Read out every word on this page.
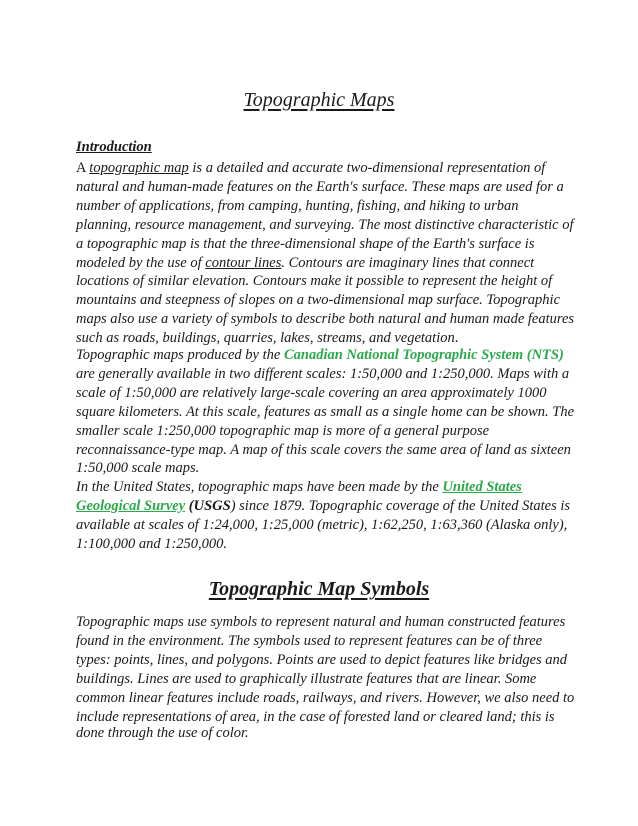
Topographic Maps
Introduction

A topographic map is a detailed and accurate two-dimensional representation of natural and human-made features on the Earth's surface. These maps are used for a number of applications, from camping, hunting, fishing, and hiking to urban planning, resource management, and surveying. The most distinctive characteristic of a topographic map is that the three-dimensional shape of the Earth's surface is modeled by the use of contour lines. Contours are imaginary lines that connect locations of similar elevation. Contours make it possible to represent the height of mountains and steepness of slopes on a two-dimensional map surface. Topographic maps also use a variety of symbols to describe both natural and human made features such as roads, buildings, quarries, lakes, streams, and vegetation.

Topographic maps produced by the Canadian National Topographic System (NTS) are generally available in two different scales: 1:50,000 and 1:250,000. Maps with a scale of 1:50,000 are relatively large-scale covering an area approximately 1000 square kilometers. At this scale, features as small as a single home can be shown. The smaller scale 1:250,000 topographic map is more of a general purpose reconnaissance-type map. A map of this scale covers the same area of land as sixteen 1:50,000 scale maps.

In the United States, topographic maps have been made by the United States Geological Survey (USGS) since 1879. Topographic coverage of the United States is available at scales of 1:24,000, 1:25,000 (metric), 1:62,250, 1:63,360 (Alaska only), 1:100,000 and 1:250,000.

Topographic Map Symbols

Topographic maps use symbols to represent natural and human constructed features found in the environment. The symbols used to represent features can be of three types: points, lines, and polygons. Points are used to depict features like bridges and buildings. Lines are used to graphically illustrate features that are linear. Some common linear features include roads, railways, and rivers. However, we also need to include representations of area, in the case of forested land or cleared land; this is

done through the use of color.
